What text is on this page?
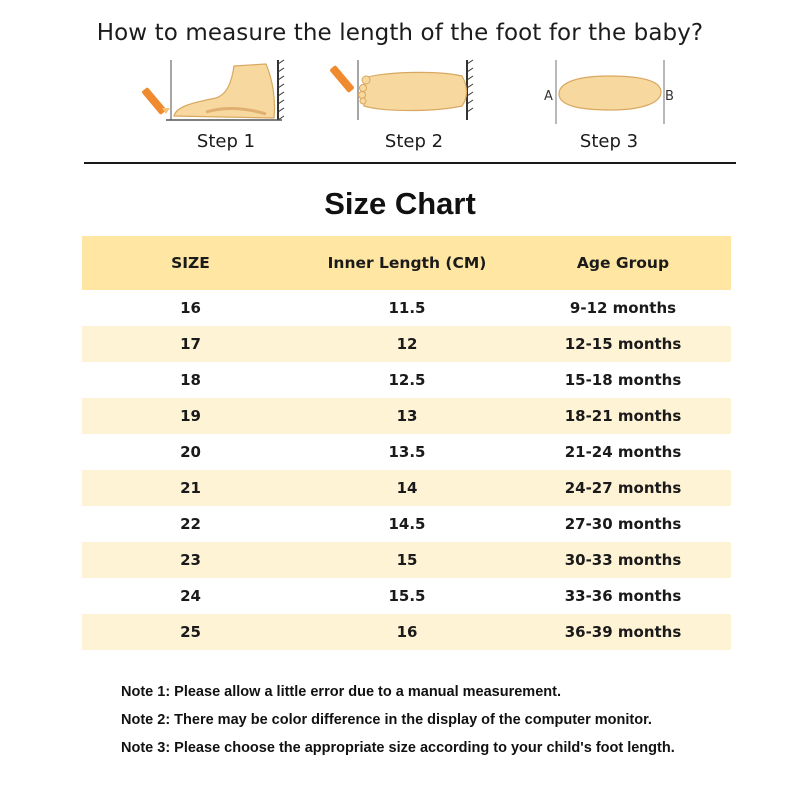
How to measure the length of the foot for the baby?
Step 1	Step 2
A	B
Step 3
Size Chart
SIZE	Inner Length (CM)	Age Group
16	11.5	9-12 months
17	12	12-15 months
18	12.5	15-18 months
19	13	18-21 months
20	13.5	21-24 months
21	14	24-27 months
22	14.5	27-30 months
23	15	30-33 months
24	15.5	33-36 months
25	16	36-39 months
Note 1: Please allow a little error due to a manual measurement.
Note 2: There may be color difference in the display of the computer monitor.
Note 3: Please choose the appropriate size according to your child's foot length.
